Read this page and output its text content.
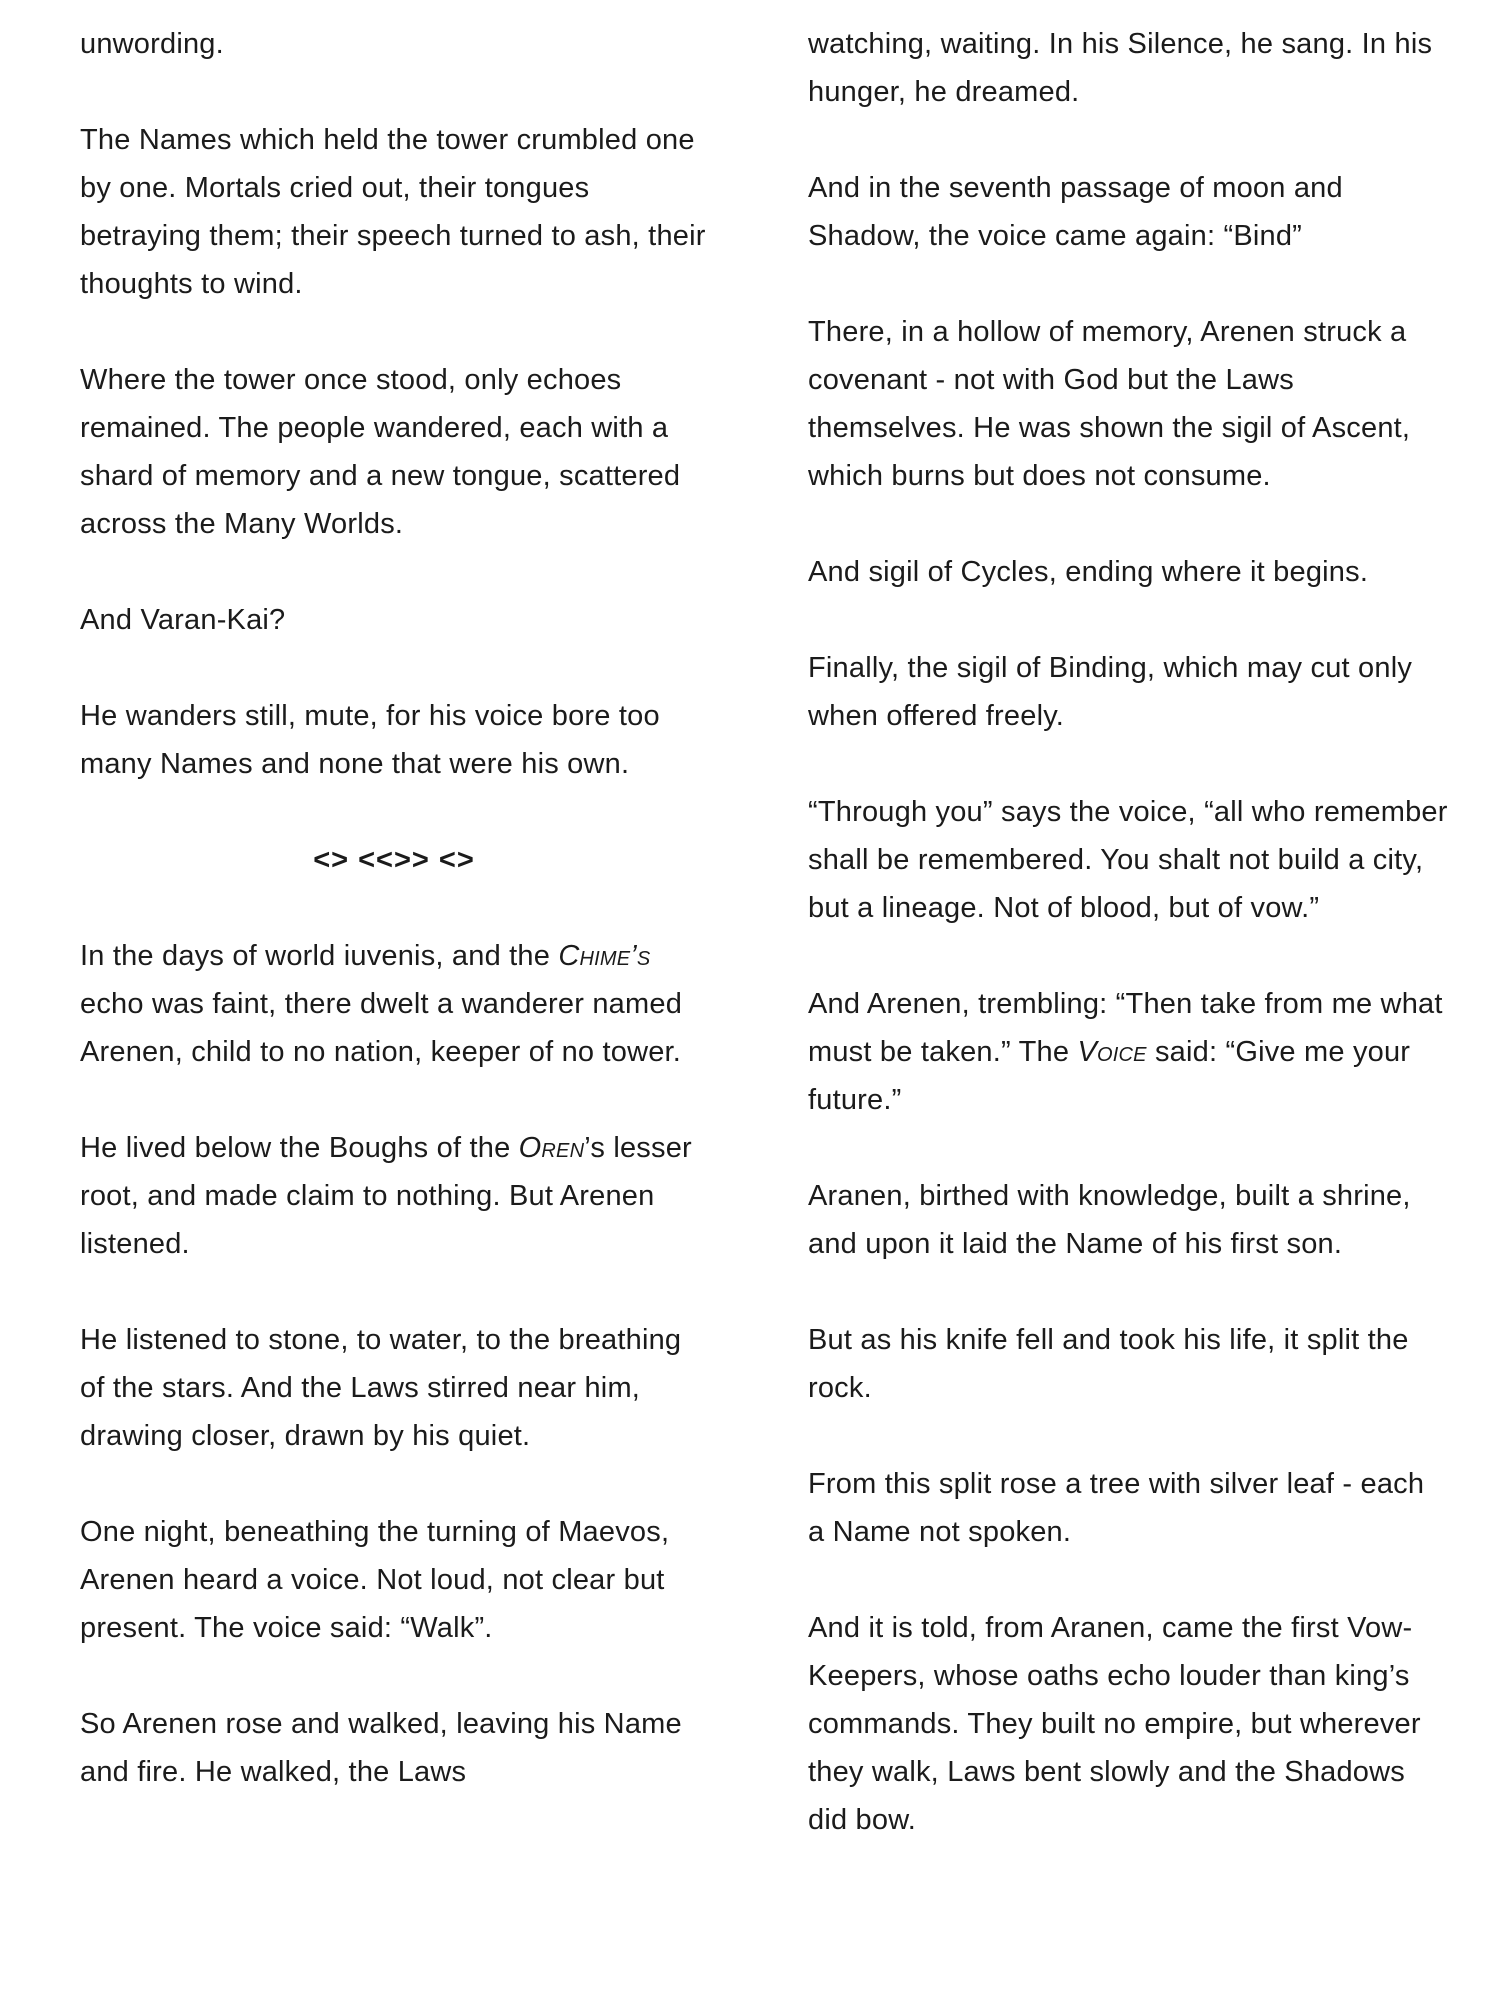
unwording.

The Names which held the tower crumbled one by one. Mortals cried out, their tongues betraying them; their speech turned to ash, their thoughts to wind.

Where the tower once stood, only echoes remained. The people wandered, each with a shard of memory and a new tongue, scattered across the Many Worlds.

And Varan-Kai?

He wanders still, mute, for his voice bore too many Names and none that were his own.

<> <<>> <>

In the days of world iuvenis, and the Chime’s echo was faint, there dwelt a wanderer named Arenen, child to no nation, keeper of no tower.

He lived below the Boughs of the Oren’s lesser root, and made claim to nothing. But Arenen listened.

He listened to stone, to water, to the breathing of the stars. And the Laws stirred near him, drawing closer, drawn by his quiet.

One night, beneathing the turning of Maevos, Arenen heard a voice. Not loud, not clear but present. The voice said: “Walk”.

So Arenen rose and walked, leaving his Name and fire. He walked, the Laws

watching, waiting. In his Silence, he sang. In his hunger, he dreamed.

And in the seventh passage of moon and Shadow, the voice came again: “Bind”

There, in a hollow of memory, Arenen struck a covenant - not with God but the Laws themselves. He was shown the sigil of Ascent, which burns but does not consume.

And sigil of Cycles, ending where it begins.

Finally, the sigil of Binding, which may cut only when offered freely.

“Through you” says the voice, “all who remember shall be remembered. You shalt not build a city, but a lineage. Not of blood, but of vow.”

And Arenen, trembling: “Then take from me what must be taken.” The Voice said: “Give me your future.”

Aranen, birthed with knowledge, built a shrine, and upon it laid the Name of his first son.

But as his knife fell and took his life, it split the rock.

From this split rose a tree with silver leaf - each a Name not spoken.

And it is told, from Aranen, came the first Vow-Keepers, whose oaths echo louder than king’s commands. They built no empire, but wherever they walk, Laws bent slowly and the Shadows did bow.
